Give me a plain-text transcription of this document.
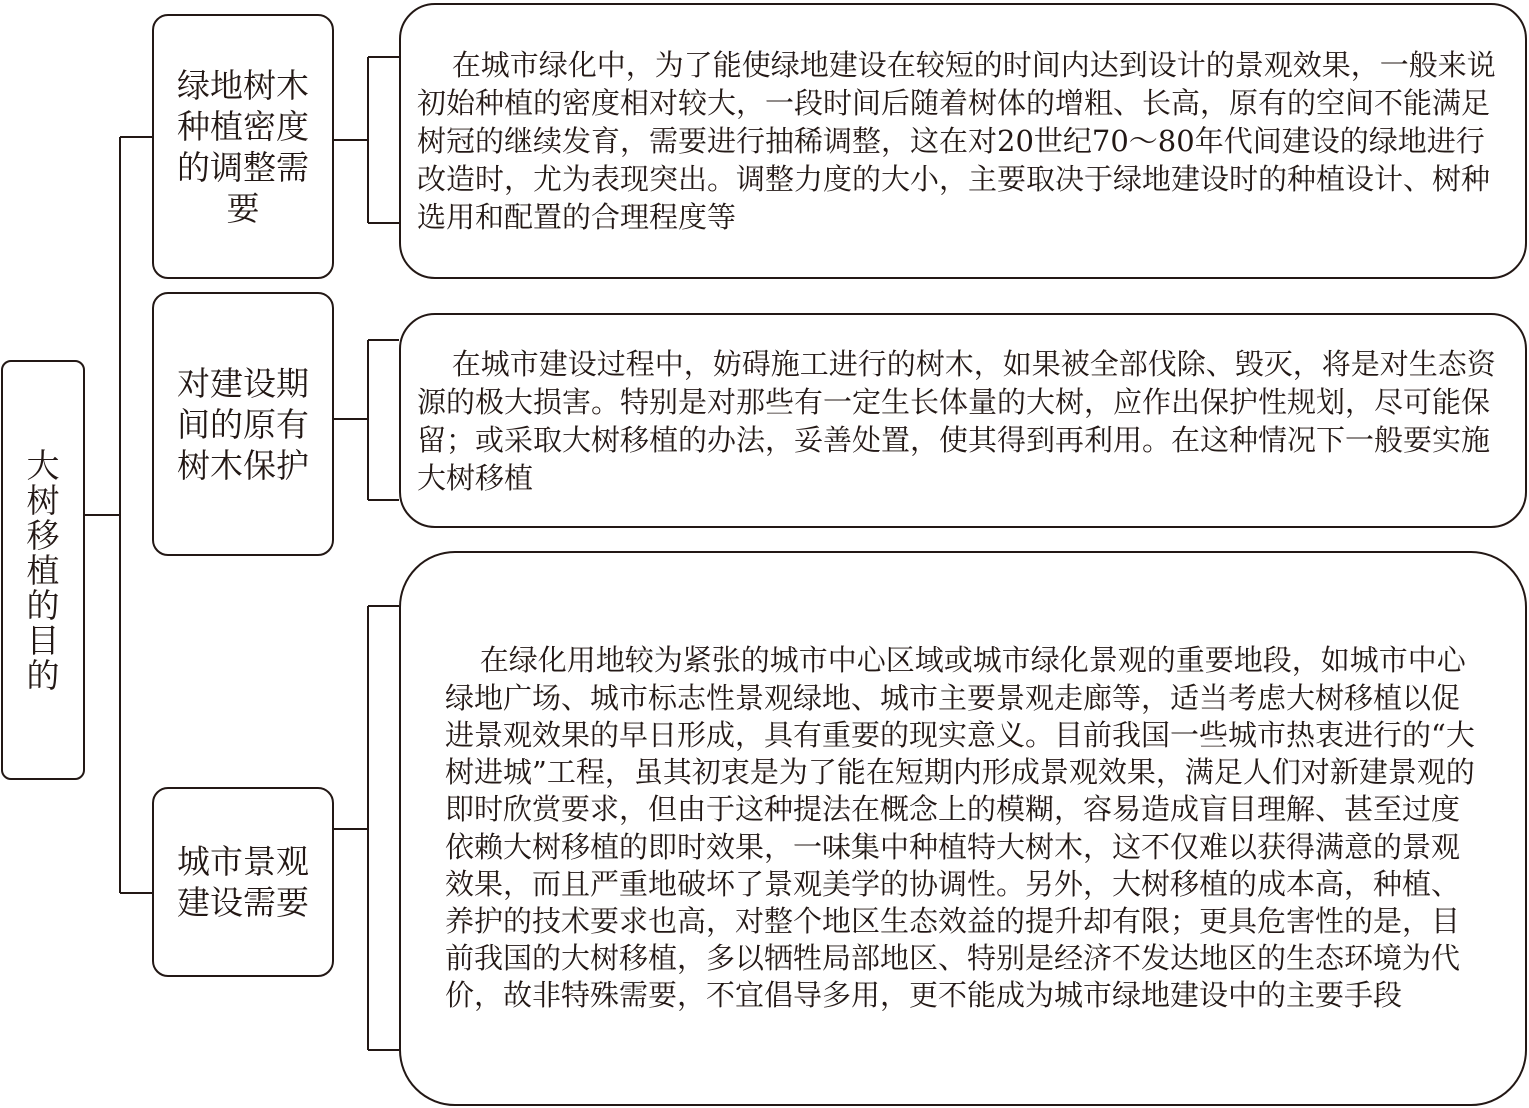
大树移植的目的
绿地树木种植密度的调整需要

在城市绿化中，为了能使绿地建设在较短的时间内达到设计的景观效果，一般来说初始种植的密度相对较大，一段时间后随着树体的增粗、长高，原有的空间不能满足树冠的继续发育，需要进行抽稀调整，这在对20世纪70～80年代间建设的绿地进行改造时，尤为表现突出。调整力度的大小，主要取决于绿地建设时的种植设计、树种选用和配置的合理程度等

对建设期间的原有树木保护

在城市建设过程中，妨碍施工进行的树木，如果被全部伐除、毁灭，将是对生态资源的极大损害。特别是对那些有一定生长体量的大树，应作出保护性规划，尽可能保留；或采取大树移植的办法，妥善处置，使其得到再利用。在这种情况下一般要实施大树移植

城市景观建设需要

在绿化用地较为紧张的城市中心区域或城市绿化景观的重要地段，如城市中心绿地广场、城市标志性景观绿地、城市主要景观走廊等，适当考虑大树移植以促进景观效果的早日形成，具有重要的现实意义。目前我国一些城市热衷进行的“大树进城”工程，虽其初衷是为了能在短期内形成景观效果，满足人们对新建景观的即时欣赏要求，但由于这种提法在概念上的模糊，容易造成盲目理解、甚至过度依赖大树移植的即时效果，一味集中种植特大树木，这不仅难以获得满意的景观效果，而且严重地破坏了景观美学的协调性。另外，大树移植的成本高，种植、养护的技术要求也高，对整个地区生态效益的提升却有限；更具危害性的是，目前我国的大树移植，多以牺牲局部地区、特别是经济不发达地区的生态环境为代价，故非特殊需要，不宜倡导多用，更不能成为城市绿地建设中的主要手段
